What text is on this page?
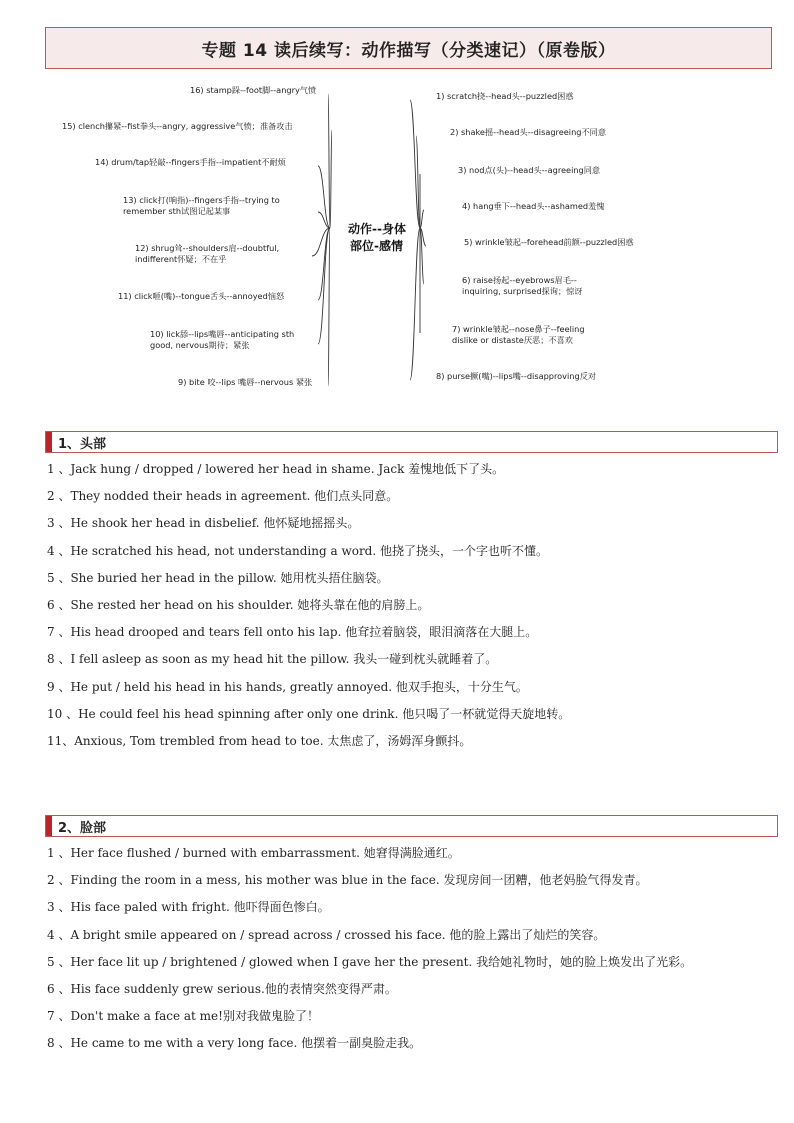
专题 14 读后续写：动作描写（分类速记）（原卷版）
16) stamp跺--foot脚--angry气愤
1) scratch挠--head头--puzzled困惑
15) clench攥紧--fist拳头--angry, aggressive气愤；准备攻击
2) shake摇--head头--disagreeing不同意
14) drum/tap轻敲--fingers手指--impatient不耐烦
3) nod点(头)--head头--agreeing同意
13) click打(响指)--fingers手指--trying to remember sth试图记起某事	4) hang垂下--head头--ashamed羞愧
12) shrug耸--shoulders肩--doubtful, indifferent怀疑；不在乎
5) wrinkle皱起--forehead前额--puzzled困惑
11) click咂(嘴)--tongue舌头--annoyed恼怒
6) raise扬起--eyebrows眉毛--inquiring, surprised探询；惊讶
10) lick舔--lips嘴唇--anticipating sth good, nervous期待；紧张
7) wrinkle皱起--nose鼻子--feeling dislike or distaste厌恶；不喜欢
9) bite 咬--lips 嘴唇--nervous 紧张
8) purse撅(嘴)--lips嘴--disapproving反对
动作--身体
部位-感情
1、头部
1 、Jack hung / dropped / lowered her head in shame. Jack 羞愧地低下了头。
2 、They nodded their heads in agreement. 他们点头同意。
3 、He shook her head in disbelief. 他怀疑地摇摇头。
4 、He scratched his head, not understanding a word. 他挠了挠头，一个字也听不懂。
5 、She buried her head in the pillow. 她用枕头捂住脑袋。
6 、She rested her head on his shoulder. 她将头靠在他的肩膀上。
7 、His head drooped and tears fell onto his lap. 他耷拉着脑袋，眼泪滴落在大腿上。
8 、I fell asleep as soon as my head hit the pillow. 我头一碰到枕头就睡着了。
9 、He put / held his head in his hands, greatly annoyed. 他双手抱头，十分生气。
10 、He could feel his head spinning after only one drink. 他只喝了一杯就觉得天旋地转。
11、Anxious, Tom trembled from head to toe. 太焦虑了，汤姆浑身颤抖。
2、脸部
1 、Her face flushed / burned with embarrassment. 她窘得满脸通红。
2 、Finding the room in a mess, his mother was blue in the face. 发现房间一团糟，他老妈脸气得发青。
3 、His face paled with fright. 他吓得面色惨白。
4 、A bright smile appeared on / spread across / crossed his face. 他的脸上露出了灿烂的笑容。
5 、Her face lit up / brightened / glowed when I gave her the present. 我给她礼物时，她的脸上焕发出了光彩。
6 、His face suddenly grew serious.他的表情突然变得严肃。
7 、Don't make a face at me!别对我做鬼脸了！
8 、He came to me with a very long face. 他摆着一副臭脸走我。
